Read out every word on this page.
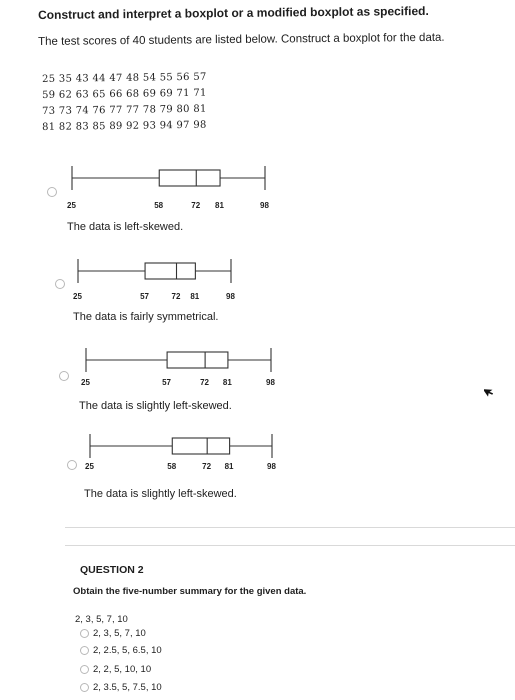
Construct and interpret a boxplot or a modified boxplot as specified.
The test scores of 40 students are listed below. Construct a boxplot for the data.
25 35 43 44 47 48 54 55 56 57
59 62 63 65 66 68 69 69 71 71
73 73 74 76 77 77 78 79 80 81
81 82 83 85 89 92 93 94 97 98
25	58	72 81	98
The data is left-skewed.
25	57	72 81	98
The data is fairly symmetrical.
25	57	72 81	98
The data is slightly left-skewed.
25	58	72 81	98
The data is slightly left-skewed.
QUESTION 2
Obtain the five-number summary for the given data.
2, 3, 5, 7, 10
2, 3, 5, 7, 10
2, 2.5, 5, 6.5, 10
2, 2, 5, 10, 10
2, 3.5, 5, 7.5, 10
